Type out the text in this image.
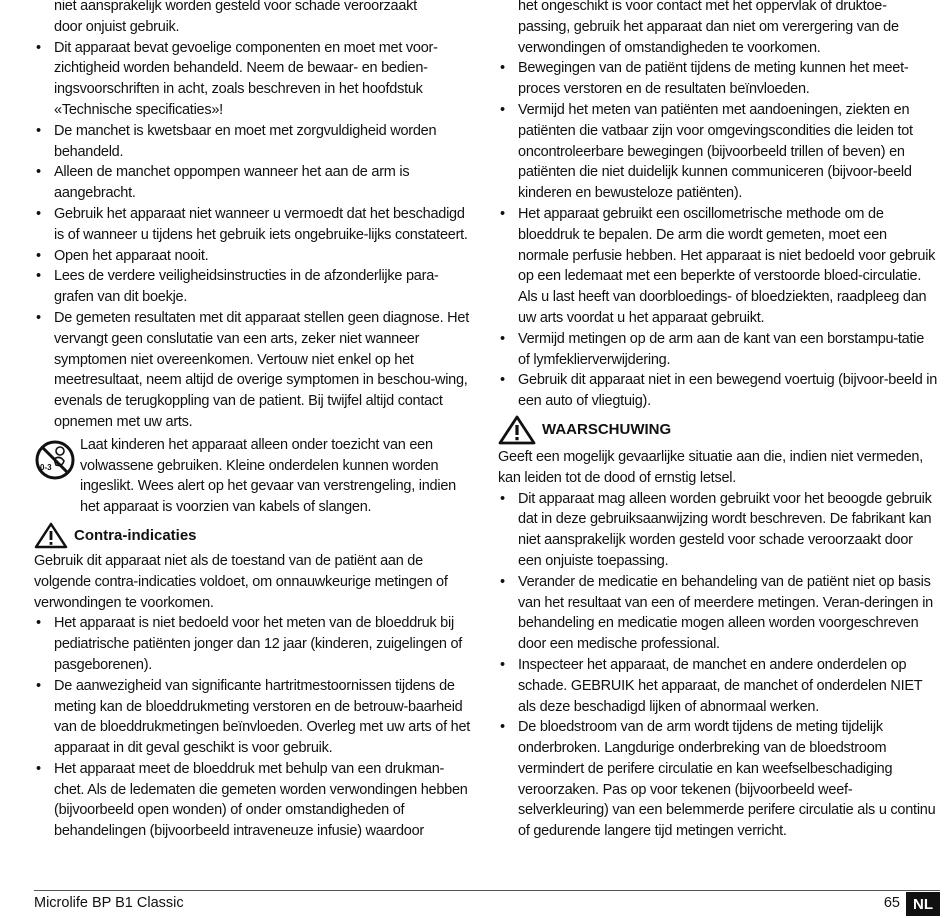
niet aansprakelijk worden gesteld voor schade veroorzaakt

door onjuist gebruik.

• Dit apparaat bevat gevoelige componenten en moet met voor-zichtigheid worden behandeld. Neem de bewaar- en bedien-ingsvoorschriften in acht, zoals beschreven in het hoofdstuk «Technische specificaties»!
• De manchet is kwetsbaar en moet met zorgvuldigheid worden behandeld.
• Alleen de manchet oppompen wanneer het aan de arm is aangebracht.
• Gebruik het apparaat niet wanneer u vermoedt dat het beschadigd is of wanneer u tijdens het gebruik iets ongebruike-lijks constateert.
• Open het apparaat nooit.
• Lees de verdere veiligheidsinstructies in de afzonderlijke para-grafen van dit boekje.
• De gemeten resultaten met dit apparaat stellen geen diagnose. Het vervangt geen conslutatie van een arts, zeker niet wanneer symptomen niet overeenkomen. Vertouw niet enkel op het meetresultaat, neem altijd de overige symptomen in beschou-wing, evenals de terugkoppling van de patient. Bij twijfel altijd contact opnemen met uw arts.
0-3

Laat kinderen het apparaat alleen onder toezicht van een volwassene gebruiken. Kleine onderdelen kunnen worden ingeslikt. Wees alert op het gevaar van verstrengeling, indien het apparaat is voorzien van kabels of slangen.

Contra-indicaties

Gebruik dit apparaat niet als de toestand van de patiënt aan de volgende contra-indicaties voldoet, om onnauwkeurige metingen of verwondingen te voorkomen.

• Het apparaat is niet bedoeld voor het meten van de bloeddruk bij pediatrische patiënten jonger dan 12 jaar (kinderen, zuigelingen of pasgeborenen).
• De aanwezigheid van significante hartritmestoornissen tijdens de meting kan de bloeddrukmeting verstoren en de betrouw-baarheid van de bloeddrukmetingen beïnvloeden. Overleg met uw arts of het apparaat in dit geval geschikt is voor gebruik.
• Het apparaat meet de bloeddruk met behulp van een drukman-chet. Als de ledematen die gemeten worden verwondingen hebben (bijvoorbeeld open wonden) of onder omstandigheden of behandelingen (bijvoorbeeld intraveneuze infusie) waardoor

het ongeschikt is voor contact met het oppervlak of druktoe-passing, gebruik het apparaat dan niet om verergering van de verwondingen of omstandigheden te voorkomen.

• Bewegingen van de patiënt tijdens de meting kunnen het meet-proces verstoren en de resultaten beïnvloeden.
• Vermijd het meten van patiënten met aandoeningen, ziekten en patiënten die vatbaar zijn voor omgevingscondities die leiden tot oncontroleerbare bewegingen (bijvoorbeeld trillen of beven) en patiënten die niet duidelijk kunnen communiceren (bijvoor-beeld kinderen en bewusteloze patiënten).
• Het apparaat gebruikt een oscillometrische methode om de bloeddruk te bepalen. De arm die wordt gemeten, moet een normale perfusie hebben. Het apparaat is niet bedoeld voor gebruik op een ledemaat met een beperkte of verstoorde bloed-circulatie. Als u last heeft van doorbloedings- of bloedziekten, raadpleeg dan uw arts voordat u het apparaat gebruikt.
• Vermijd metingen op de arm aan de kant van een borstampu-tatie of lymfeklierverwijdering.
• Gebruik dit apparaat niet in een bewegend voertuig (bijvoor-beeld in een auto of vliegtuig).
WAARSCHUWING

Geeft een mogelijk gevaarlijke situatie aan die, indien niet vermeden, kan leiden tot de dood of ernstig letsel.

• Dit apparaat mag alleen worden gebruikt voor het beoogde gebruik dat in deze gebruiksaanwijzing wordt beschreven. De fabrikant kan niet aansprakelijk worden gesteld voor schade veroorzaakt door een onjuiste toepassing.
• Verander de medicatie en behandeling van de patiënt niet op basis van het resultaat van een of meerdere metingen. Veran-deringen in behandeling en medicatie mogen alleen worden voorgeschreven door een medische professional.
• Inspecteer het apparaat, de manchet en andere onderdelen op schade. GEBRUIK het apparaat, de manchet of onderdelen NIET als deze beschadigd lijken of abnormaal werken.
• De bloedstroom van de arm wordt tijdens de meting tijdelijk onderbroken. Langdurige onderbreking van de bloedstroom vermindert de perifere circulatie en kan weefselbeschadiging veroorzaken. Pas op voor tekenen (bijvoorbeeld weef-selverkleuring) van een belemmerde perifere circulatie als u continu of gedurende langere tijd metingen verricht.
Microlife BP B1 Classic	65 NL
